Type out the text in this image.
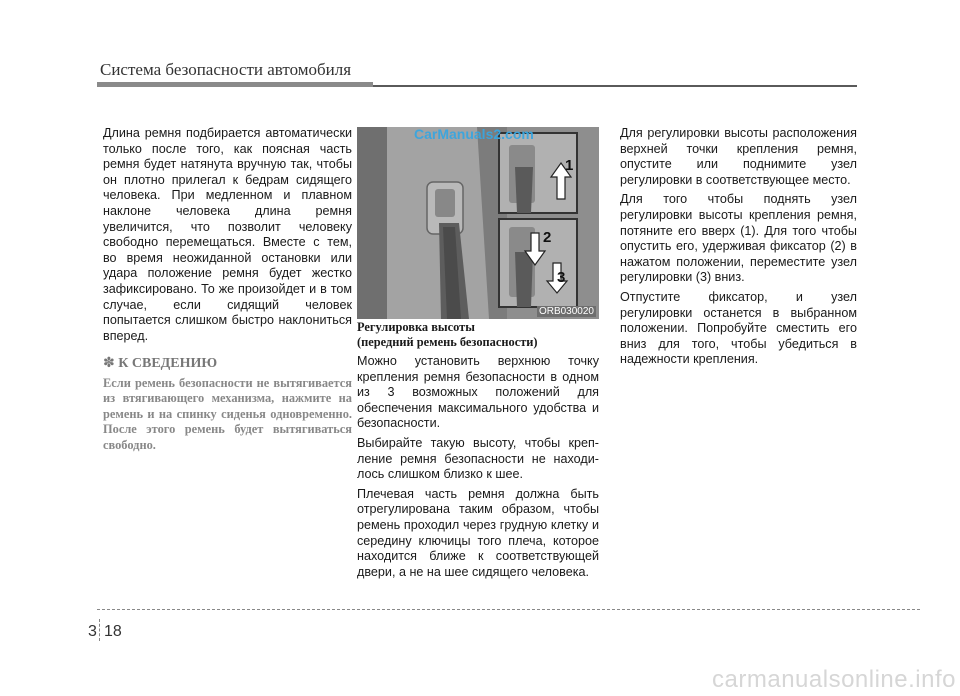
Система безопасности автомобиля

Длина ремня подбирается автоматически только после того, как поясная часть ремня будет натянута вручную так, чтобы он плотно прилегал к бедрам сидящего человека. При медленном и плавном наклоне человека длина ремня увеличится, что позволит человеку свободно перемещаться. Вместе с тем, во время неожиданной остановки или удара положение ремня будет жестко зафиксировано. То же произойдет и в том случае, если сидящий человек попытается слишком быстро наклониться вперед.

✽ К СВЕДЕНИЮ
Если ремень безопасности не вытягивается из втягивающего механизма, нажмите на ремень и на спинку сиденья одновременно. После этого ремень будет вытягиваться свободно.
1
2
3
CarManuals2.com
ORB030020
Регулировка высоты
(передний ремень безопасности)

Можно установить верхнюю точку крепления ремня безопасности в одном из 3 возможных положений для обеспечения максимального удобства и безопасности.

Выбирайте такую высоту, чтобы крепление ремня безопасности не находилось слишком близко к шее.

Плечевая часть ремня должна быть отрегулирована таким образом, чтобы ремень проходил через грудную клетку и середину ключицы того плеча, которое находится ближе к соответствующей двери, а не на шее сидящего человека.

Для регулировки высоты расположения верхней точки крепления ремня, опустите или поднимите узел регулировки в соответствующее место.

Для того чтобы поднять узел регулировки высоты крепления ремня, потяните его вверх (1). Для того чтобы опустить его, удерживая фиксатор (2) в нажатом положении, переместите узел регулировки (3) вниз.

Отпустите фиксатор, и узел регулировки останется в выбранном положении. Попробуйте сместить его вниз для того, чтобы убедиться в надежности крепления.

3 18
carmanualsonline.info
